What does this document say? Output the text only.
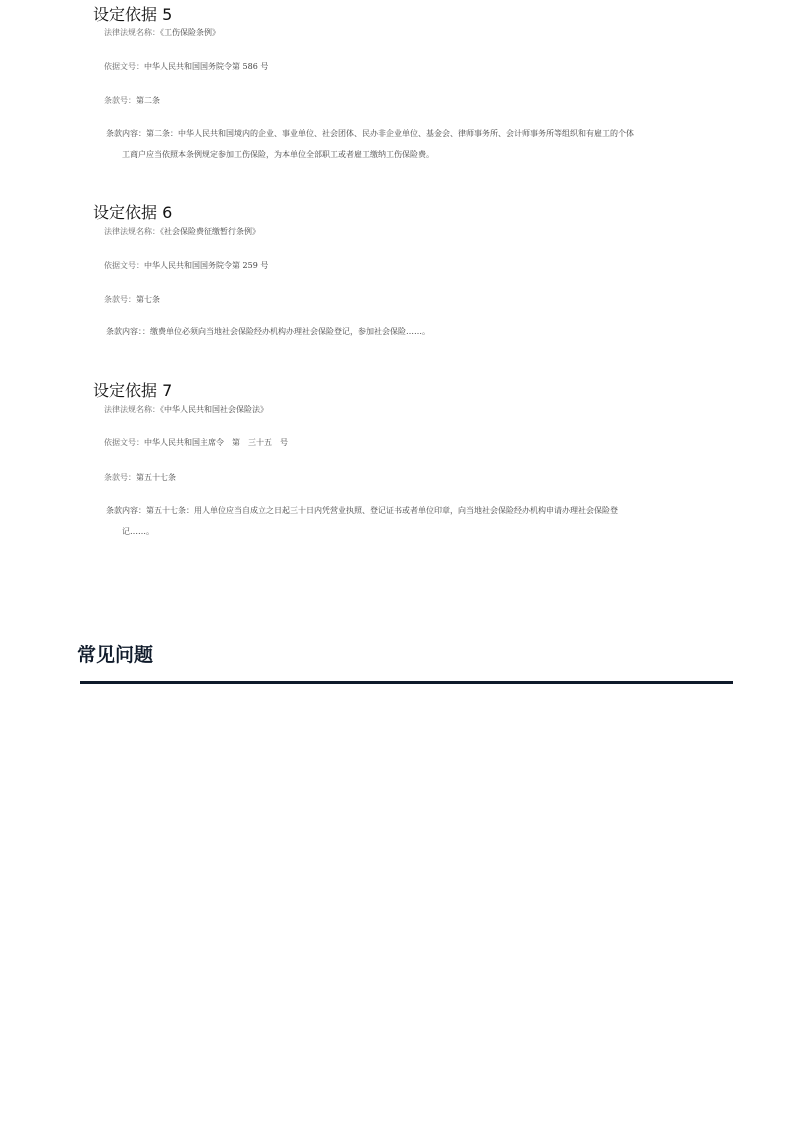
设定依据 5
法律法规名称：《工伤保险条例》
依据文号：中华人民共和国国务院令第 586 号
条款号：第二条
条款内容：第二条：中华人民共和国境内的企业、事业单位、社会团体、民办非企业单位、基金会、律师事务所、会计师事务所等组织和有雇工的个体
工商户应当依照本条例规定参加工伤保险，为本单位全部职工或者雇工缴纳工伤保险费。
设定依据 6
法律法规名称：《社会保险费征缴暂行条例》
依据文号：中华人民共和国国务院令第 259 号
条款号：第七条
条款内容：：缴费单位必须向当地社会保险经办机构办理社会保险登记，参加社会保险……。
设定依据 7
法律法规名称：《中华人民共和国社会保险法》
依据文号：中华人民共和国主席令　第　三十五　号
条款号：第五十七条
条款内容：第五十七条：用人单位应当自成立之日起三十日内凭营业执照、登记证书或者单位印章，向当地社会保险经办机构申请办理社会保险登
记……。
常见问题
